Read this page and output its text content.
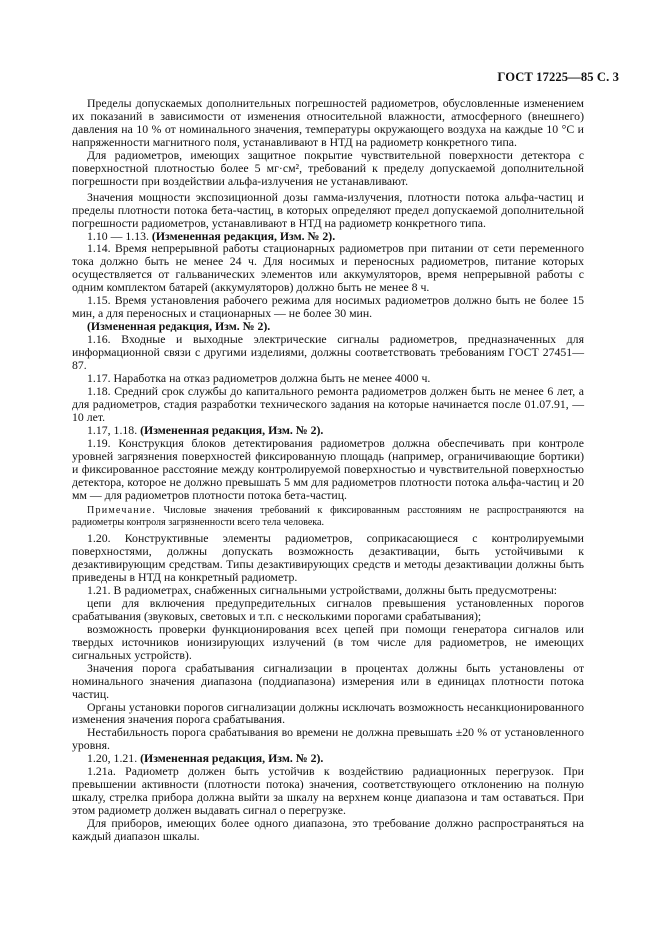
ГОСТ 17225—85 С. 3

Пределы допускаемых дополнительных погрешностей радиометров, обусловленные изменением их показаний в зависимости от изменения относительной влажности, атмосферного (внешнего) давления на 10 % от номинального значения, температуры окружающего воздуха на каждые 10 °С и напряженности магнитного поля, устанавливают в НТД на радиометр конкретного типа.

Для радиометров, имеющих защитное покрытие чувствительной поверхности детектора с поверхностной плотностью более 5 мг·см², требований к пределу допускаемой дополнительной погрешности при воздействии альфа-излучения не устанавливают.

Значения мощности экспозиционной дозы гамма-излучения, плотности потока альфа-частиц и пределы плотности потока бета-частиц, в которых определяют предел допускаемой дополнительной погрешности радиометров, устанавливают в НТД на радиометр конкретного типа.

1.10 — 1.13. (Измененная редакция, Изм. № 2).

1.14. Время непрерывной работы стационарных радиометров при питании от сети переменного тока должно быть не менее 24 ч. Для носимых и переносных радиометров, питание которых осуществляется от гальванических элементов или аккумуляторов, время непрерывной работы с одним комплектом батарей (аккумуляторов) должно быть не менее 8 ч.

1.15. Время установления рабочего режима для носимых радиометров должно быть не более 15 мин, а для переносных и стационарных — не более 30 мин.

(Измененная редакция, Изм. № 2).

1.16. Входные и выходные электрические сигналы радиометров, предназначенных для информационной связи с другими изделиями, должны соответствовать требованиям ГОСТ 27451—87.

1.17. Наработка на отказ радиометров должна быть не менее 4000 ч.

1.18. Средний срок службы до капитального ремонта радиометров должен быть не менее 6 лет, а для радиометров, стадия разработки технического задания на которые начинается после 01.07.91, — 10 лет.

1.17, 1.18. (Измененная редакция, Изм. № 2).

1.19. Конструкция блоков детектирования радиометров должна обеспечивать при контроле уровней загрязнения поверхностей фиксированную площадь (например, ограничивающие бортики) и фиксированное расстояние между контролируемой поверхностью и чувствительной поверхностью детектора, которое не должно превышать 5 мм для радиометров плотности потока альфа-частиц и 20 мм — для радиометров плотности потока бета-частиц.

Примечание. Числовые значения требований к фиксированным расстояниям не распространяются на радиометры контроля загрязненности всего тела человека.

1.20. Конструктивные элементы радиометров, соприкасающиеся с контролируемыми поверхностями, должны допускать возможность дезактивации, быть устойчивыми к дезактивирующим средствам. Типы дезактивирующих средств и методы дезактивации должны быть приведены в НТД на конкретный радиометр.

1.21. В радиометрах, снабженных сигнальными устройствами, должны быть предусмотрены:

цепи для включения предупредительных сигналов превышения установленных порогов срабатывания (звуковых, световых и т.п. с несколькими порогами срабатывания);

возможность проверки функционирования всех цепей при помощи генератора сигналов или твердых источников ионизирующих излучений (в том числе для радиометров, не имеющих сигнальных устройств).

Значения порога срабатывания сигнализации в процентах должны быть установлены от номинального значения диапазона (поддиапазона) измерения или в единицах плотности потока частиц.

Органы установки порогов сигнализации должны исключать возможность несанкционированного изменения значения порога срабатывания.

Нестабильность порога срабатывания во времени не должна превышать ±20 % от установленного уровня.

1.20, 1.21. (Измененная редакция, Изм. № 2).

1.21а. Радиометр должен быть устойчив к воздействию радиационных перегрузок. При превышении активности (плотности потока) значения, соответствующего отклонению на полную шкалу, стрелка прибора должна выйти за шкалу на верхнем конце диапазона и там оставаться. При этом радиометр должен выдавать сигнал о перегрузке.

Для приборов, имеющих более одного диапазона, это требование должно распространяться на каждый диапазон шкалы.
